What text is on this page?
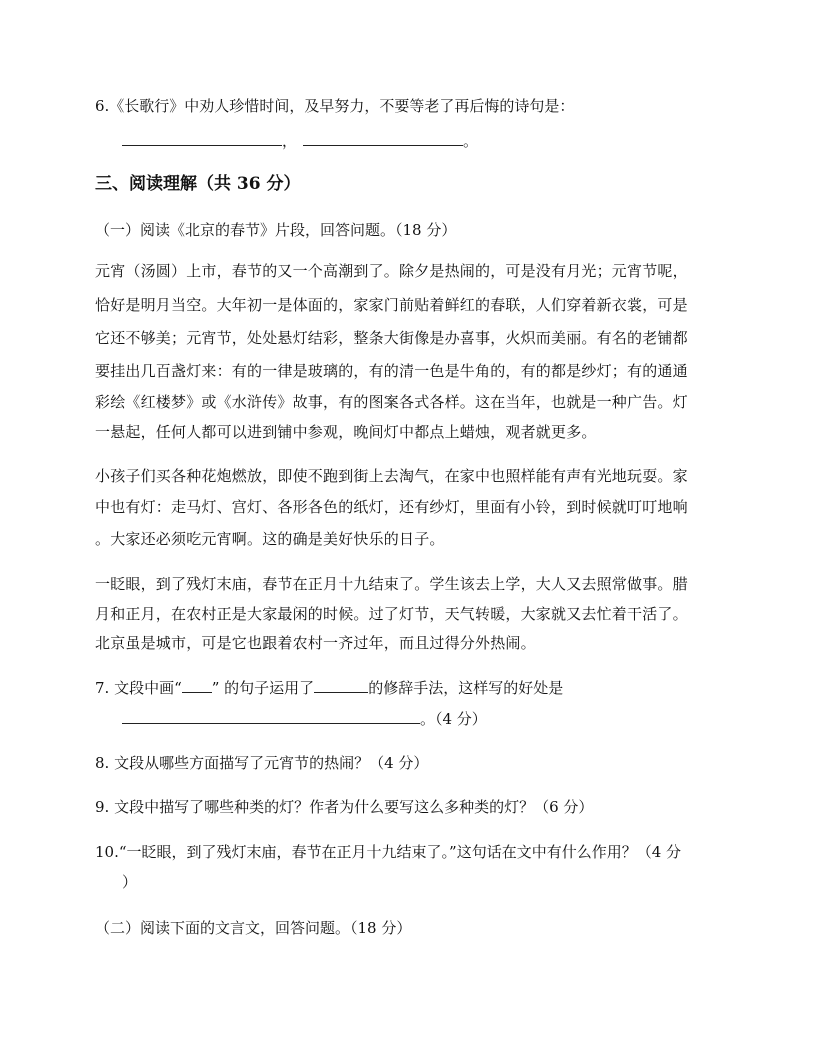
6.《长歌行》中劝人珍惜时间，及早努力，不要等老了再后悔的诗句是：
，	。
三、阅读理解（共 36 分）
（一）阅读《北京的春节》片段，回答问题。（18 分）
元宵（汤圆）上市，春节的又一个高潮到了。除夕是热闹的，可是没有月光；元宵节呢，
恰好是明月当空。大年初一是体面的，家家门前贴着鲜红的春联，人们穿着新衣裳，可是
它还不够美；元宵节，处处悬灯结彩，整条大街像是办喜事，火炽而美丽。有名的老铺都
要挂出几百盏灯来：有的一律是玻璃的，有的清一色是牛角的，有的都是纱灯；有的通通
彩绘《红楼梦》或《水浒传》故事，有的图案各式各样。这在当年，也就是一种广告。灯
一悬起，任何人都可以进到铺中参观，晚间灯中都点上蜡烛，观者就更多。
小孩子们买各种花炮燃放，即使不跑到街上去淘气，在家中也照样能有声有光地玩耍。家
中也有灯：走马灯、宫灯、各形各色的纸灯，还有纱灯，里面有小铃，到时候就叮叮地响
。大家还必须吃元宵啊。这的确是美好快乐的日子。
一眨眼，到了残灯末庙，春节在正月十九结束了。学生该去上学，大人又去照常做事。腊
月和正月，在农村正是大家最闲的时候。过了灯节，天气转暖，大家就又去忙着干活了。
北京虽是城市，可是它也跟着农村一齐过年，而且过得分外热闹。
7. 文段中画“ ” 的句子运用了	的修辞手法，这样写的好处是
。（4 分）
8. 文段从哪些方面描写了元宵节的热闹？（4 分）
9. 文段中描写了哪些种类的灯？作者为什么要写这么多种类的灯？（6 分）
10.“一眨眼，到了残灯末庙，春节在正月十九结束了。”这句话在文中有什么作用？（4 分
）
（二）阅读下面的文言文，回答问题。（18 分）
